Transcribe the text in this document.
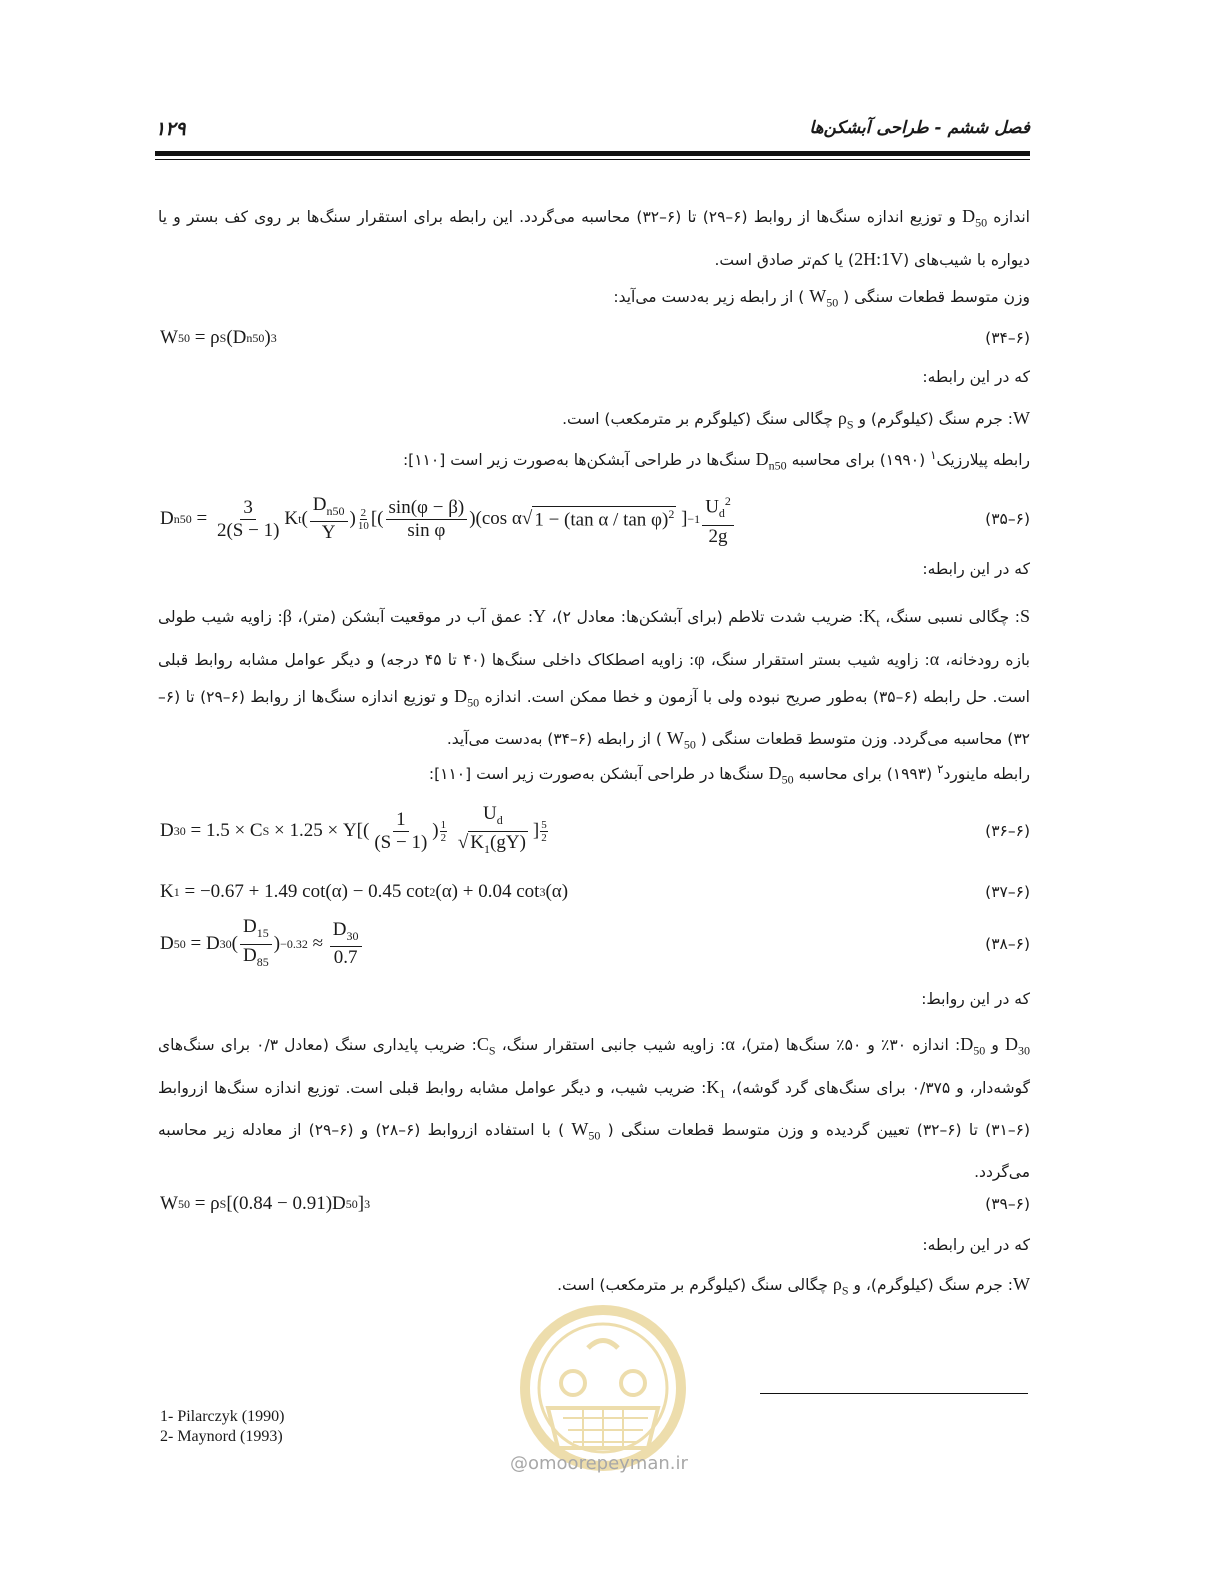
۱۲۹	فصل ششم - طراحی آبشکن‌ها
اندازه $D_{50}$ و توزیع اندازه سنگ‌ها از روابط (۶–۲۹) تا (۶–۳۲) محاسبه می‌گردد. این رابطه برای استقرار سنگ‌ها بر روی کف بستر و یا دیواره با شیب‌های (2H:1V) یا کم‌تر صادق است.
وزن متوسط قطعات سنگی ( $W_{50}$ ) از رابطه زیر به‌دست می‌آید:
W 50 = ρ S (D n50 ) 3	(۶–۳۴)
که در این رابطه:
W: جرم سنگ (کیلوگرم) و $\rho_S$ چگالی سنگ (کیلوگرم بر مترمکعب) است.
رابطه پیلارزیک$^۱$ (۱۹۹۰) برای محاسبه $D_{n50}$ سنگ‌ها در طراحی آبشکن‌ها به‌صورت زیر است [۱۱۰]:
D $n50 = \frac{3}{2(S - 1)}$ K t ( $\frac{D_{n50}}{Y}$ ) 2
10 [( $\frac{\sin(\varphi - \beta)}{\text{sin φ}} )(\cos$ α√ 1 − (tan α / tan φ)$^2$ ] $-1 \frac{U_d^2}{2g}$	(۶–۳۵)
که در این رابطه:
S: چگالی نسبی سنگ، $K_t$: ضریب شدت تلاطم (برای آبشکن‌ها: معادل ۲)، Y: عمق آب در موقعیت آبشکن (متر)، β: زاویه شیب طولی بازه رودخانه، α: زاویه شیب بستر استقرار سنگ، φ: زاویه اصطکاک داخلی سنگ‌ها (۴۰ تا ۴۵ درجه) و دیگر عوامل مشابه روابط قبلی است. حل رابطه (۶–۳۵) به‌طور صریح نبوده ولی با آزمون و خطا ممکن است. اندازه $D_{50}$ و توزیع اندازه سنگ‌ها از روابط (۶–۲۹) تا (۶–۳۲) محاسبه می‌گردد. وزن متوسط قطعات سنگی ( $W_{50}$ ) از رابطه (۶–۳۴) به‌دست می‌آید.
رابطه ماینورد$^۲$ (۱۹۹۳) برای محاسبه $D_{50}$ سنگ‌ها در طراحی آبشکن به‌صورت زیر است [۱۱۰]:
D 30 = 1.5 × C $S \times 1.25 \times Y[( \frac{1}{(S - 1)}$ ) 1
2
$\frac{U_d}{√ K_1(gY)}$ ] 5
2	(۶–۳۶)
K 1 = −0.67 + 1.49 cot(α) − 0.45 cot 2 (α) + 0.04 cot 3 (α)	(۶–۳۷)
D 50 = D 30 ( $\frac{D_{15}}{D_{85}}$ ) $-0.32 \approx \frac{D_{30}}{0.7}$	(۶–۳۸)
که در این روابط:
$D_{30}$ و $D_{50}$: اندازه ۳۰٪ و ۵۰٪ سنگ‌ها (متر)، α: زاویه شیب جانبی استقرار سنگ، $C_S$: ضریب پایداری سنگ (معادل ۰/۳ برای سنگ‌های گوشه‌دار، و ۰/۳۷۵ برای سنگ‌های گرد گوشه)، $K_1$: ضریب شیب، و دیگر عوامل مشابه روابط قبلی است. توزیع اندازه سنگ‌ها ازروابط (۶–۳۱) تا (۶–۳۲) تعیین گردیده و وزن متوسط قطعات سنگی ( $W_{50}$ ) با استفاده ازروابط (۶–۲۸) و (۶–۲۹) از معادله زیر محاسبه می‌گردد.
W 50 = ρ S [(0.84 − 0.91)D 50 ] 3	(۶–۳۹)
که در این رابطه:
W: جرم سنگ (کیلوگرم)، و $\rho_S$ چگالی سنگ (کیلوگرم بر مترمکعب) است.
@omoorepeyman.ir
1- Pilarczyk (1990)
2- Maynord (1993)
